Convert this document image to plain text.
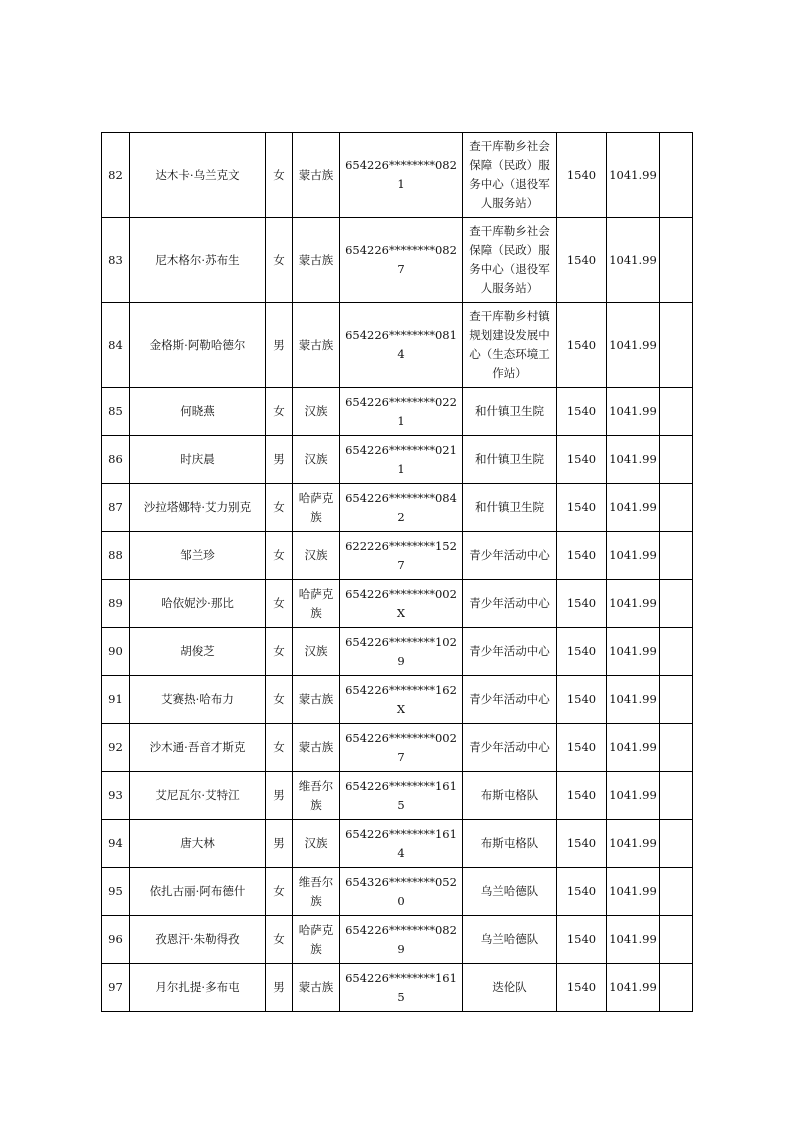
82	达木卡·乌兰克文	女	蒙古族	654226********0821	查干库勒乡社会保障（民政）服务中心（退役军人服务站）	1540	1041.99	
83	尼木格尔·苏布生	女	蒙古族	654226********0827	查干库勒乡社会保障（民政）服务中心（退役军人服务站）	1540	1041.99	
84	金格斯·阿勒哈德尔	男	蒙古族	654226********0814	查干库勒乡村镇规划建设发展中心（生态环境工作站）	1540	1041.99	
85	何晓燕	女	汉族	654226********0221	和什镇卫生院	1540	1041.99	
86	时庆晨	男	汉族	654226********0211	和什镇卫生院	1540	1041.99	
87	沙拉塔娜特·艾力别克	女	哈萨克族	654226********0842	和什镇卫生院	1540	1041.99	
88	邹兰珍	女	汉族	622226********1527	青少年活动中心	1540	1041.99	
89	哈依妮沙·那比	女	哈萨克族	654226********002X	青少年活动中心	1540	1041.99	
90	胡俊芝	女	汉族	654226********1029	青少年活动中心	1540	1041.99	
91	艾赛热·哈布力	女	蒙古族	654226********162X	青少年活动中心	1540	1041.99	
92	沙木通·吾音才斯克	女	蒙古族	654226********0027	青少年活动中心	1540	1041.99	
93	艾尼瓦尔·艾特江	男	维吾尔族	654226********1615	布斯屯格队	1540	1041.99	
94	唐大林	男	汉族	654226********1614	布斯屯格队	1540	1041.99	
95	依扎古丽·阿布德什	女	维吾尔族	654326********0520	乌兰哈德队	1540	1041.99	
96	孜恩汗·朱勒得孜	女	哈萨克族	654226********0829	乌兰哈德队	1540	1041.99	
97	月尔扎提·多布屯	男	蒙古族	654226********1615	迭伦队	1540	1041.99	
